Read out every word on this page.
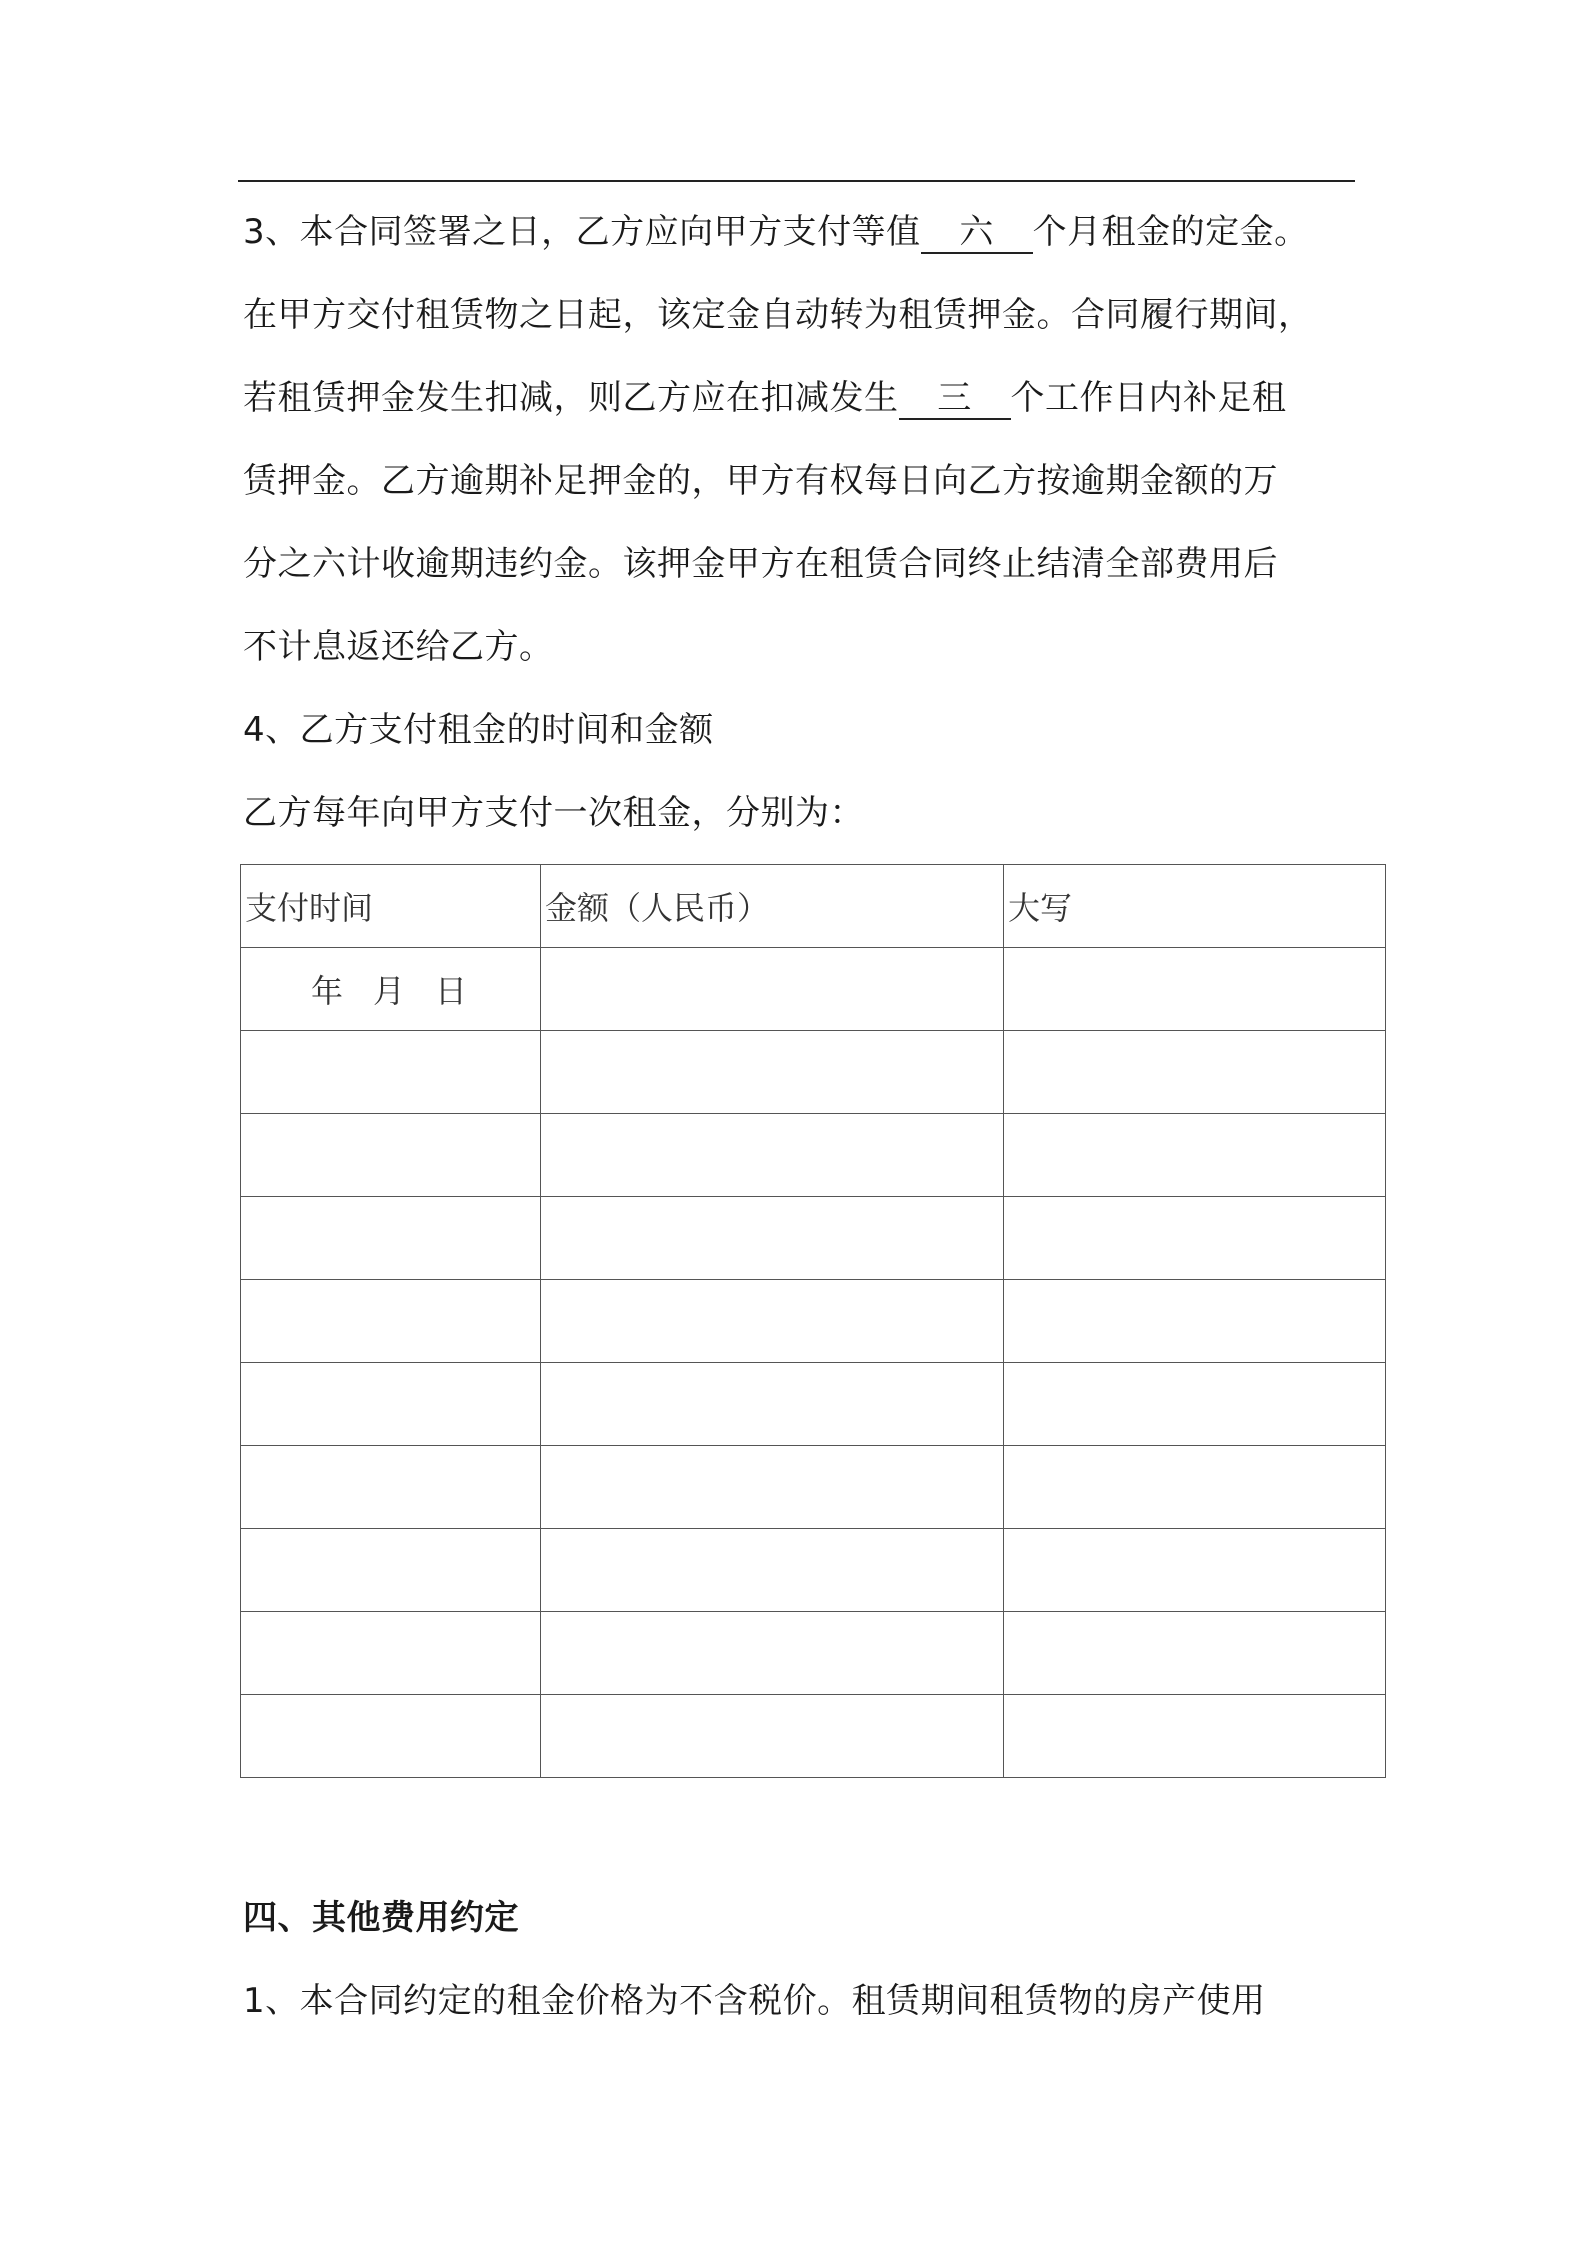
3、本合同签署之日，乙方应向甲方支付等值 六 个月租金的定金。
在甲方交付租赁物之日起，该定金自动转为租赁押金。合同履行期间，
若租赁押金发生扣减，则乙方应在扣减发生 三 个工作日内补足租
赁押金。乙方逾期补足押金的，甲方有权每日向乙方按逾期金额的万
分之六计收逾期违约金。该押金甲方在租赁合同终止结清全部费用后
不计息返还给乙方。
4、乙方支付租金的时间和金额
乙方每年向甲方支付一次租金，分别为：
支付时间	金额（人民币）	大写
年 月 日		

四、其他费用约定
1、本合同约定的租金价格为不含税价。租赁期间租赁物的房产使用
